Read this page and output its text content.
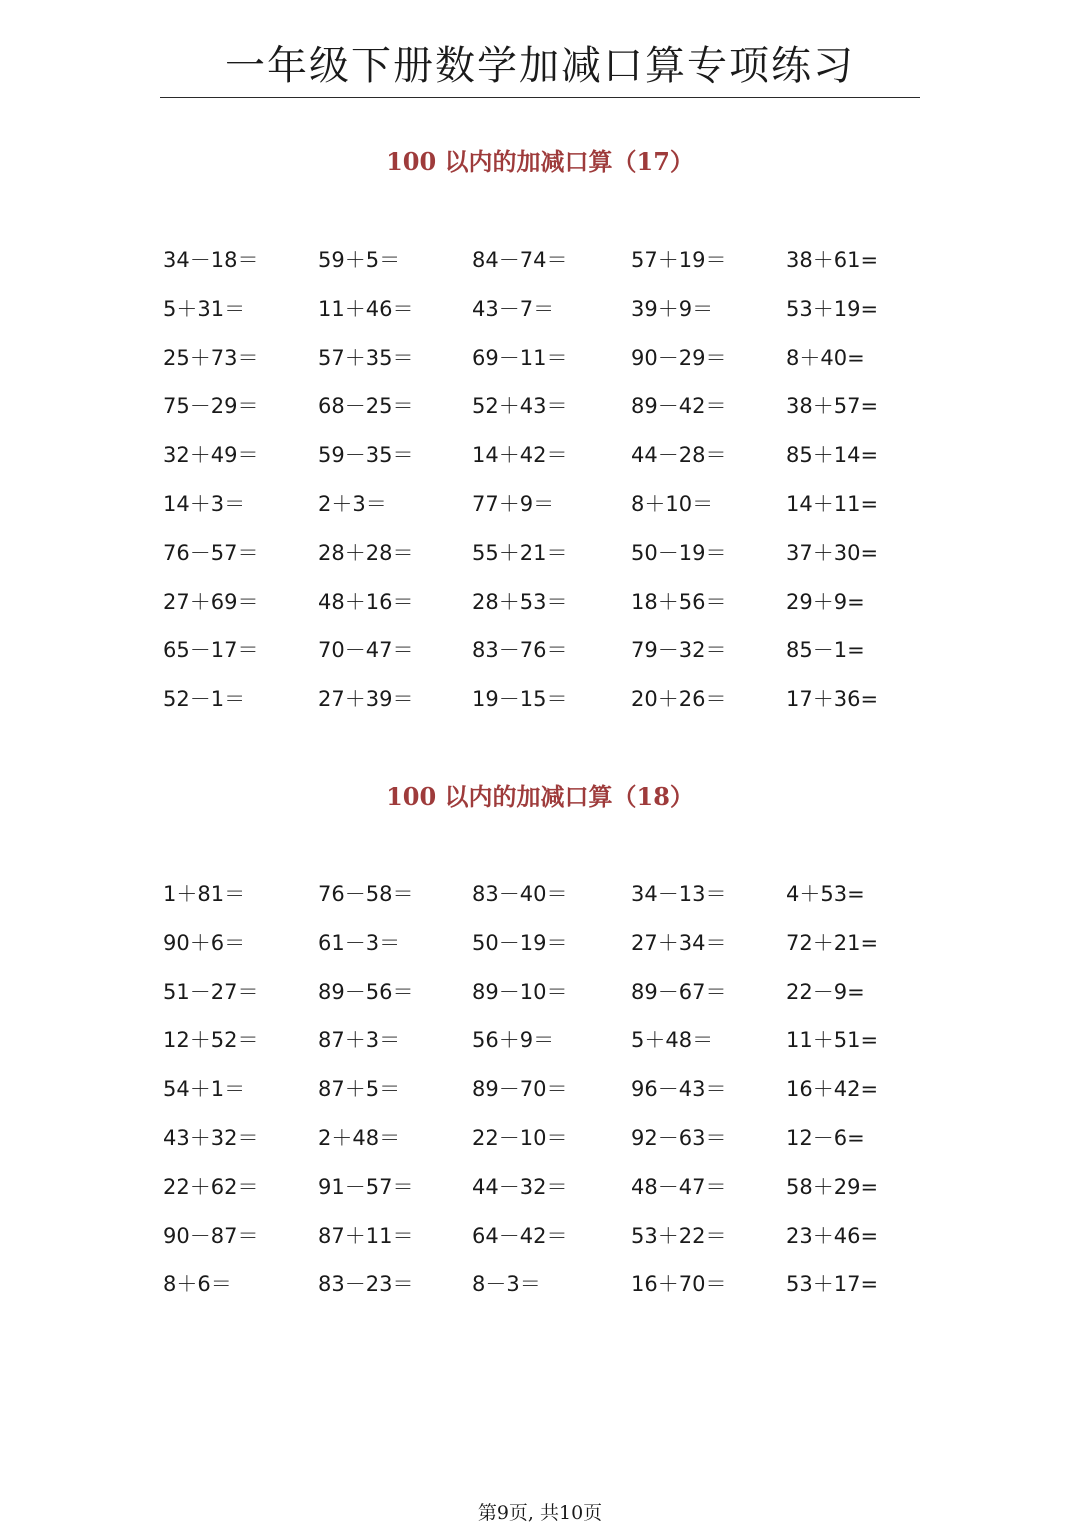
一年级下册数学加减口算专项练习
100 以内的加减口算（17）
34－18＝	59＋5＝	84－74＝	57＋19＝	38＋61=
5＋31＝	11＋46＝	43－7＝	39＋9＝	53＋19=
25＋73＝	57＋35＝	69－11＝	90－29＝	8＋40=
75－29＝	68－25＝	52＋43＝	89－42＝	38＋57=
32＋49＝	59－35＝	14＋42＝	44－28＝	85＋14=
14＋3＝	2＋3＝	77＋9＝	8＋10＝	14＋11=
76－57＝	28＋28＝	55＋21＝	50－19＝	37＋30=
27＋69＝	48＋16＝	28＋53＝	18＋56＝	29＋9=
65－17＝	70－47＝	83－76＝	79－32＝	85－1=
52－1＝	27＋39＝	19－15＝	20＋26＝	17＋36=
100 以内的加减口算（18）
1＋81＝	76－58＝	83－40＝	34－13＝	4＋53=
90＋6＝	61－3＝	50－19＝	27＋34＝	72＋21=
51－27＝	89－56＝	89－10＝	89－67＝	22－9=
12＋52＝	87＋3＝	56＋9＝	5＋48＝	11＋51=
54＋1＝	87＋5＝	89－70＝	96－43＝	16＋42=
43＋32＝	2＋48＝	22－10＝	92－63＝	12－6=
22＋62＝	91－57＝	44－32＝	48－47＝	58＋29=
90－87＝	87＋11＝	64－42＝	53＋22＝	23＋46=
8＋6＝	83－23＝	8－3＝	16＋70＝	53＋17=
第9页, 共10页
